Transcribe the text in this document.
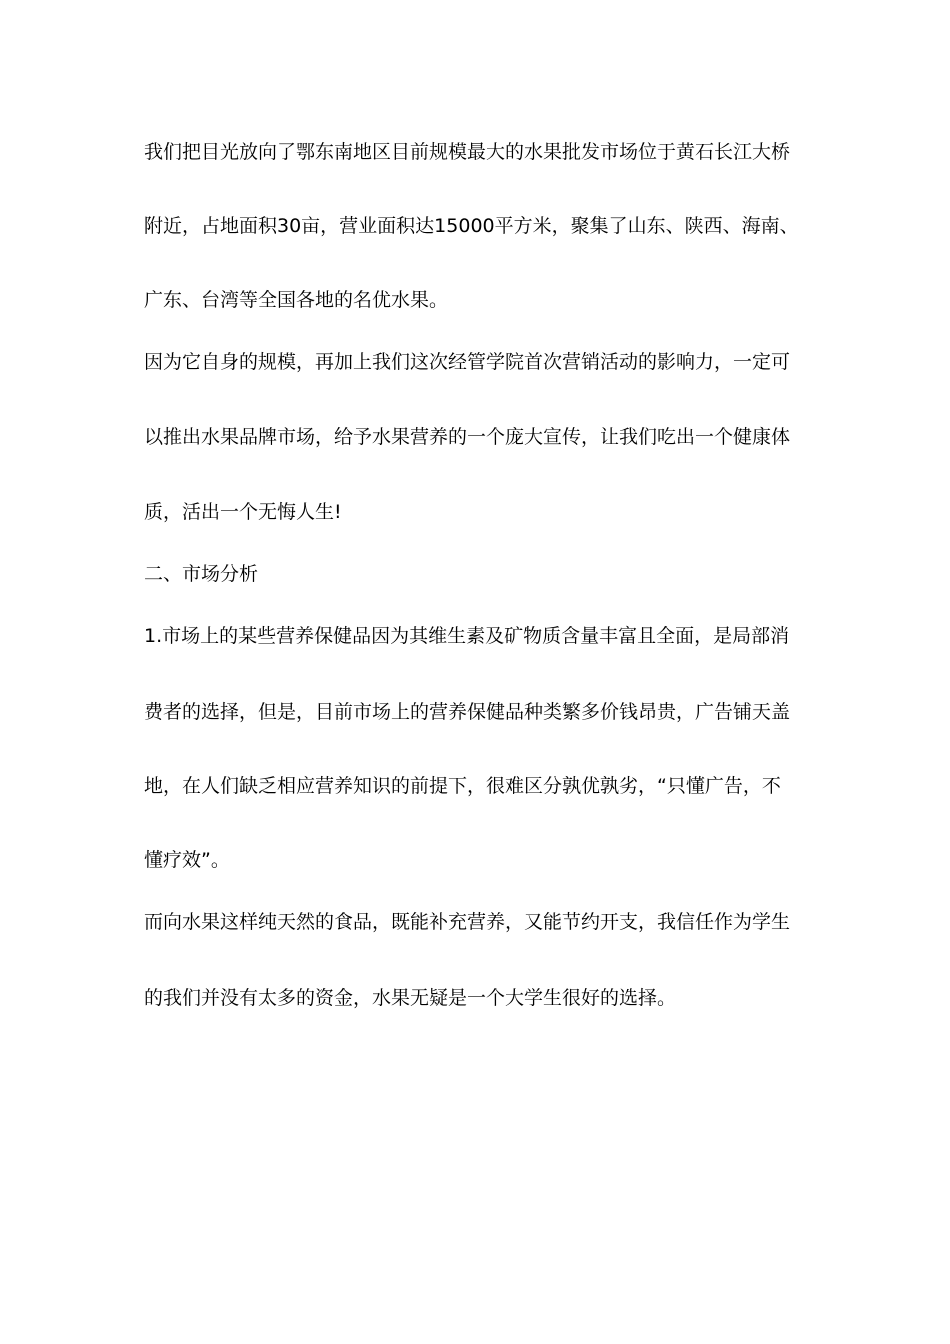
我们把目光放向了鄂东南地区目前规模最大的水果批发市场位于黄石长江大桥
附近，占地面积30亩，营业面积达15000平方米，聚集了山东、陕西、海南、
广东、台湾等全国各地的名优水果。
因为它自身的规模，再加上我们这次经管学院首次营销活动的影响力，一定可
以推出水果品牌市场，给予水果营养的一个庞大宣传，让我们吃出一个健康体
质，活出一个无悔人生!
二、市场分析
1.市场上的某些营养保健品因为其维生素及矿物质含量丰富且全面，是局部消
费者的选择，但是，目前市场上的营养保健品种类繁多价钱昂贵，广告铺天盖
地，在人们缺乏相应营养知识的前提下，很难区分孰优孰劣，“只懂广告，不
懂疗效”。
而向水果这样纯天然的食品，既能补充营养，又能节约开支，我信任作为学生
的我们并没有太多的资金，水果无疑是一个大学生很好的选择。
